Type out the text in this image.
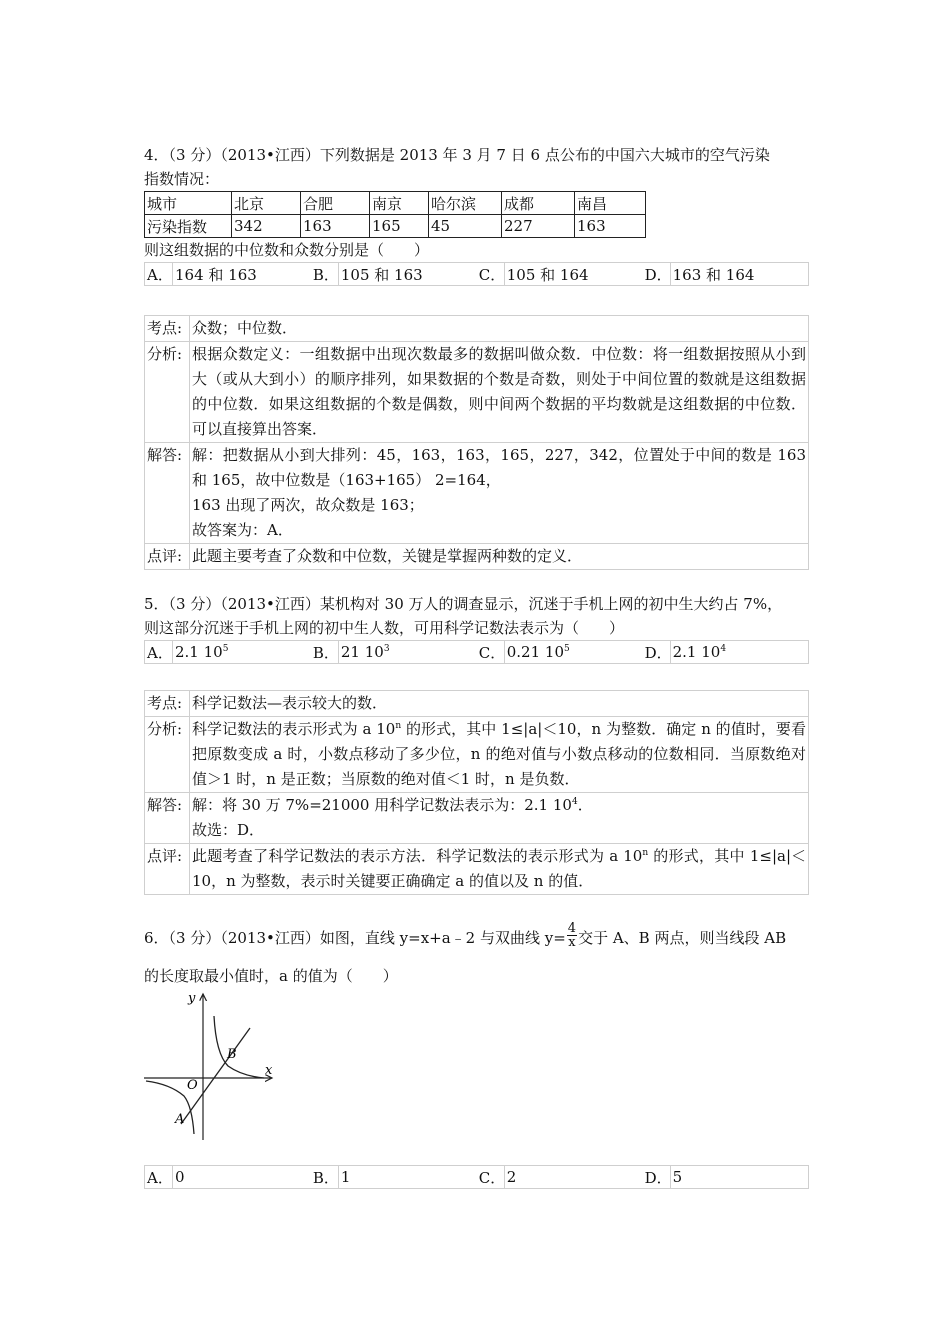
4．（3 分）（2013•江西）下列数据是 2013 年 3 月 7 日 6 点公布的中国六大城市的空气污染
指数情况：
城市	北京	合肥	南京	哈尔滨	成都	南昌
污染指数	342	163	165	45	227	163
则这组数据的中位数和众数分别是（　　）
A．	164 和 163	B．	105 和 163	C．	105 和 164	D．	163 和 164
考点:	众数；中位数．
分析:	根据众数定义：一组数据中出现次数最多的数据叫做众数．中位数：将一组数据按照从小到大（或从大到小）的顺序排列，如果数据的个数是奇数，则处于中间位置的数就是这组数据的中位数．如果这组数据的个数是偶数，则中间两个数据的平均数就是这组数据的中位数．可以直接算出答案．
解答:	解：把数据从小到大排列：45，163，163，165，227，342，位置处于中间的数是 163 和 165，故中位数是（163+165） 2=164，
163 出现了两次，故众数是 163；
故答案为：A．

点评:	此题主要考查了众数和中位数，关键是掌握两种数的定义．
5．（3 分）（2013•江西）某机构对 30 万人的调查显示，沉迷于手机上网的初中生大约占 7%，
则这部分沉迷于手机上网的初中生人数，可用科学记数法表示为（　　）
A．	2.1 $10^5$	B．	21 $10^3$	C．	0.21 $10^5$	D．	2.1 $10^4$
考点:	科学记数法—表示较大的数．
分析:	科学记数法的表示形式为 a 10$^n$ 的形式，其中 1≤|a|＜10，n 为整数．确定 n 的值时，要看把原数变成 a 时，小数点移动了多少位，n 的绝对值与小数点移动的位数相同．当原数绝对值＞1 时，n 是正数；当原数的绝对值＜1 时，n 是负数．
解答:	解：将 30 万 7%=21000 用科学记数法表示为：2.1 $10^4$．
故选：D．

点评:	此题考查了科学记数法的表示方法．科学记数法的表示形式为 a 10$^n$ 的形式，其中 1≤|a|＜10，n 为整数，表示时关键要正确确定 a 的值以及 n 的值．
6．（3 分）（2013•江西）如图，直线 y=x+a﹣2 与双曲线 $y= \frac{4}{x}$ 交于 A、B 两点，则当线段 AB
的长度取最小值时，a 的值为（　　）
y
x
O
A
B
A．	0	B．	1	C．	2	D．	5
